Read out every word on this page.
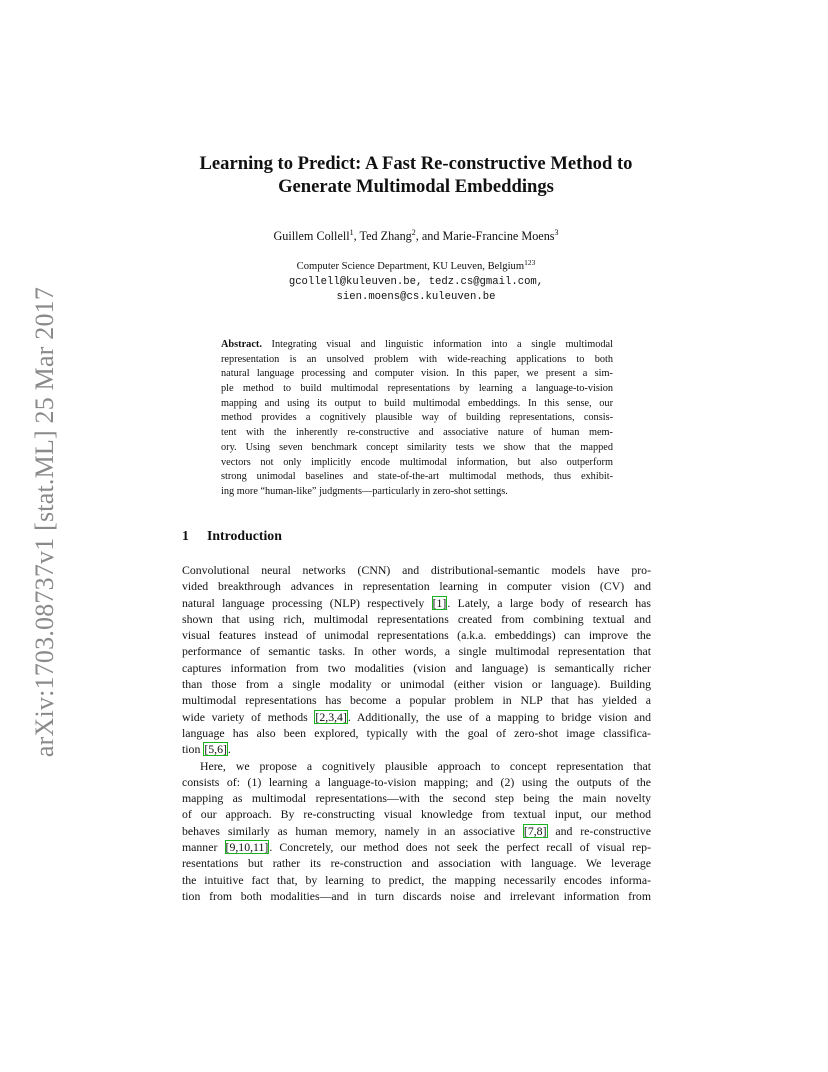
arXiv:1703.08737v1 [stat.ML] 25 Mar 2017
Learning to Predict: A Fast Re-constructive Method to
Generate Multimodal Embeddings
Guillem Collell$^1$, Ted Zhang$^2$, and Marie-Francine Moens$^3$
Computer Science Department, KU Leuven, Belgium$^{123}$
gcollell@kuleuven.be, tedz.cs@gmail.com,
sien.moens@cs.kuleuven.be
Abstract. Integrating visual and linguistic information into a single multimodal
representation is an unsolved problem with wide-reaching applications to both
natural language processing and computer vision. In this paper, we present a sim-
ple method to build multimodal representations by learning a language-to-vision
mapping and using its output to build multimodal embeddings. In this sense, our
method provides a cognitively plausible way of building representations, consis-
tent with the inherently re-constructive and associative nature of human mem-
ory. Using seven benchmark concept similarity tests we show that the mapped
vectors not only implicitly encode multimodal information, but also outperform
strong unimodal baselines and state-of-the-art multimodal methods, thus exhibit-
ing more “human-like” judgments—particularly in zero-shot settings.
1 Introduction
Convolutional neural networks (CNN) and distributional-semantic models have pro-
vided breakthrough advances in representation learning in computer vision (CV) and
natural language processing (NLP) respectively [1]. Lately, a large body of research has
shown that using rich, multimodal representations created from combining textual and
visual features instead of unimodal representations (a.k.a. embeddings) can improve the
performance of semantic tasks. In other words, a single multimodal representation that
captures information from two modalities (vision and language) is semantically richer
than those from a single modality or unimodal (either vision or language). Building
multimodal representations has become a popular problem in NLP that has yielded a
wide variety of methods [2,3,4]. Additionally, the use of a mapping to bridge vision and
language has also been explored, typically with the goal of zero-shot image classifica-
tion [5,6].
Here, we propose a cognitively plausible approach to concept representation that
consists of: (1) learning a language-to-vision mapping; and (2) using the outputs of the
mapping as multimodal representations—with the second step being the main novelty
of our approach. By re-constructing visual knowledge from textual input, our method
behaves similarly as human memory, namely in an associative [7,8] and re-constructive
manner [9,10,11]. Concretely, our method does not seek the perfect recall of visual rep-
resentations but rather its re-construction and association with language. We leverage
the intuitive fact that, by learning to predict, the mapping necessarily encodes informa-
tion from both modalities—and in turn discards noise and irrelevant information from
